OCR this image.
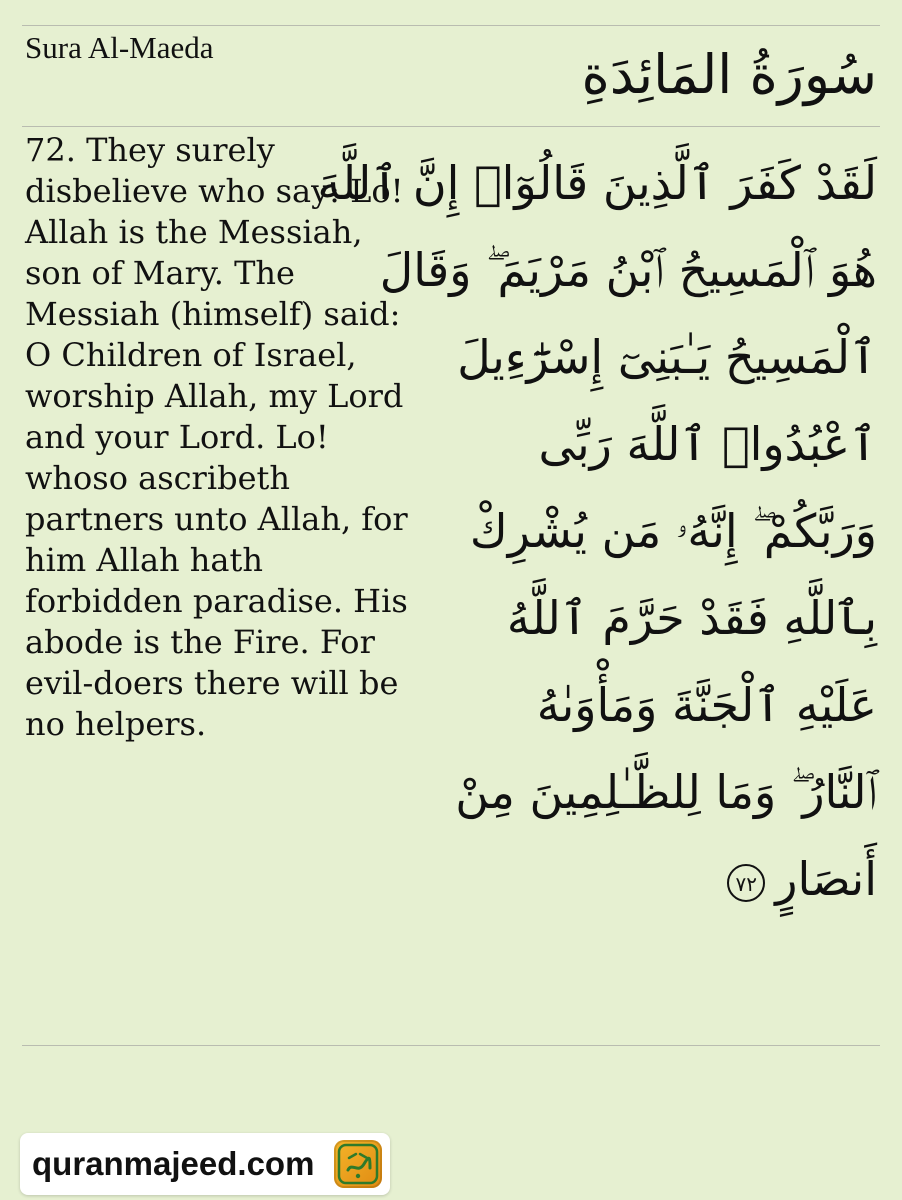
Sura Al-Maeda	سُورَةُ المَائِدَةِ

72. They surely disbelieve who say: Lo! Allah is the Messiah, son of Mary. The Messiah (himself) said: O Children of Israel, worship Allah, my Lord and your Lord. Lo! whoso ascribeth partners unto Allah, for him Allah hath forbidden paradise. His abode is the Fire. For evil-doers there will be no helpers.

لَقَدْ كَفَرَ ٱلَّذِينَ قَالُوٓا۟ إِنَّ ٱللَّهَ
هُوَ ٱلْمَسِيحُ ٱبْنُ مَرْيَمَ ۖ وَقَالَ
ٱلْمَسِيحُ يَـٰبَنِىٓ إِسْرَٰٓءِيلَ
ٱعْبُدُوا۟ ٱللَّهَ رَبِّى
وَرَبَّكُمْ ۖ إِنَّهُۥ مَن يُشْرِكْ
بِٱللَّهِ فَقَدْ حَرَّمَ ٱللَّهُ
عَلَيْهِ ٱلْجَنَّةَ وَمَأْوَىٰهُ
ٱلنَّارُ ۖ وَمَا لِلظَّـٰلِمِينَ مِنْ
أَنصَارٍ٧٢
quranmajeed.com
